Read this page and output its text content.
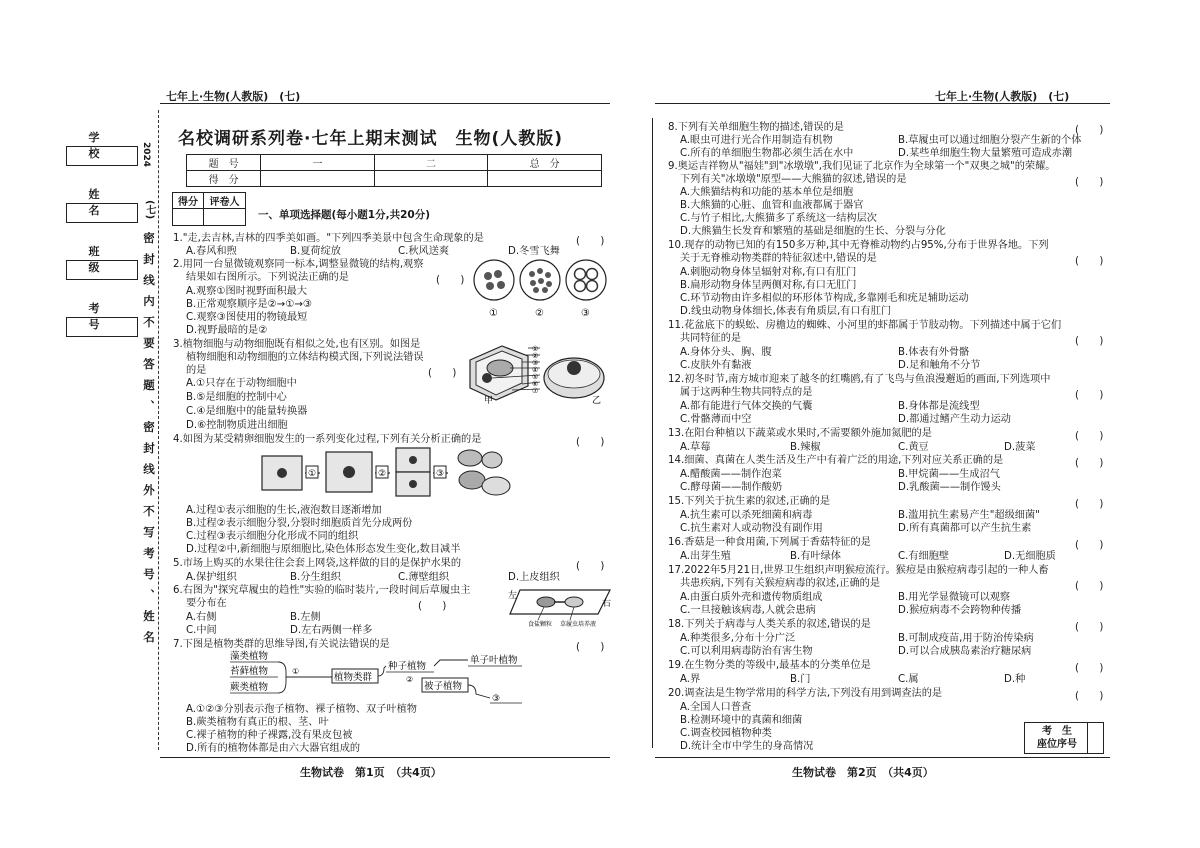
七年上·生物(人教版)　(七)	七年上·生物(人教版)　(七)
学　校
姓　名
班　级
考　号
2024
(七)
密封线内不要答题、密封线外不写考号、姓名
名校调研系列卷·七年上期末测试　生物(人教版)
题　号	一	二	总　分
得　分			
得分	评卷人

一、单项选择题(每小题1分,共20分)
1."走,去吉林,吉林的四季美如画。"下列四季美景中包含生命现象的是	(　　)
A.春风和煦	B.夏荷绽放	C.秋风送爽	D.冬雪飞舞
2.用同一台显微镜观察同一标本,调整显微镜的结构,观察
结果如右图所示。下列说法正确的是	(　　)
A.观察①图时视野面积最大
B.正常观察顺序是②→①→③
C.观察③图使用的物镜最短
D.视野最暗的是②
①	②	③
3.植物细胞与动物细胞既有相似之处,也有区别。如图是
植物细胞和动物细胞的立体结构模式图,下列说法错误
的是	(　　)
A.①只存在于动物细胞中
B.⑤是细胞的控制中心
C.④是细胞中的能量转换器
D.⑥控制物质进出细胞
①
②
③
④
⑤
⑥
⑦
甲	乙
4.如图为某受精卵细胞发生的一系列变化过程,下列有关分析正确的是	(　　)
①	②	③
A.过程①表示细胞的生长,液泡数目逐渐增加
B.过程②表示细胞分裂,分裂时细胞质首先分成两份
C.过程③表示细胞分化形成不同的组织
D.过程②中,新细胞与原细胞比,染色体形态发生变化,数目减半
5.市场上购买的水果往往会套上网袋,这样做的目的是保护水果的	(　　)
A.保护组织	B.分生组织	C.薄壁组织	D.上皮组织
6.右图为"探究草履虫的趋性"实验的临时装片,一段时间后草履虫主
要分布在	(　　)
A.右侧	B.左侧
C.中间	D.左右两侧一样多
左
右
食盐颗粒 草履虫培养液
7.下图是植物类群的思维导图,有关说法错误的是	(　　)
藻类植物
苔藓植物
蕨类植物
①
植物类群
种子植物
②
单子叶植物
被子植物
③
A.①②③分别表示孢子植物、裸子植物、双子叶植物
B.蕨类植物有真正的根、茎、叶
C.裸子植物的种子裸露,没有果皮包被
D.所有的植物体都是由六大器官组成的
生物试卷　第1页　（共4页）
8.下列有关单细胞生物的描述,错误的是	(　　)
A.眼虫可进行光合作用制造有机物	B.草履虫可以通过细胞分裂产生新的个体
C.所有的单细胞生物都必须生活在水中	D.某些单细胞生物大量繁殖可造成赤潮
9.奥运吉祥物从"福娃"到"冰墩墩",我们见证了北京作为全球第一个"双奥之城"的荣耀。
下列有关"冰墩墩"原型——大熊猫的叙述,错误的是	(　　)
A.大熊猫结构和功能的基本单位是细胞
B.大熊猫的心脏、血管和血液都属于器官
C.与竹子相比,大熊猫多了系统这一结构层次
D.大熊猫生长发育和繁殖的基础是细胞的生长、分裂与分化
10.现存的动物已知的有150多万种,其中无脊椎动物约占95%,分布于世界各地。下列
关于无脊椎动物类群的特征叙述中,错误的是	(　　)
A.刺胞动物身体呈辐射对称,有口有肛门
B.扁形动物身体呈两侧对称,有口无肛门
C.环节动物由许多相似的环形体节构成,多靠刚毛和疣足辅助运动
D.线虫动物身体细长,体表有角质层,有口有肛门
11.花盆底下的蜈蚣、房檐边的蜘蛛、小河里的虾都属于节肢动物。下列描述中属于它们
共同特征的是	(　　)
A.身体分头、胸、腹	B.体表有外骨骼
C.皮肤外有黏液	D.足和触角不分节
12.初冬时节,南方城市迎来了越冬的红嘴鸥,有了飞鸟与鱼浪漫邂逅的画面,下列选项中
属于这两种生物共同特点的是	(　　)
A.都有能进行气体交换的气囊	B.身体都是流线型
C.骨骼薄而中空	D.都通过鳍产生动力运动
13.在阳台种植以下蔬菜或水果时,不需要额外施加氮肥的是	(　　)
A.草莓	B.辣椒	C.黄豆	D.菠菜
14.细菌、真菌在人类生活及生产中有着广泛的用途,下列对应关系正确的是	(　　)
A.醋酸菌——制作泡菜	B.甲烷菌——生成沼气
C.酵母菌——制作酸奶	D.乳酸菌——制作馒头
15.下列关于抗生素的叙述,正确的是	(　　)
A.抗生素可以杀死细菌和病毒	B.滥用抗生素易产生"超级细菌"
C.抗生素对人或动物没有副作用	D.所有真菌都可以产生抗生素
16.香菇是一种食用菌,下列属于香菇特征的是	(　　)
A.出芽生殖	B.有叶绿体	C.有细胞壁	D.无细胞质
17.2022年5月21日,世界卫生组织声明猴痘流行。猴痘是由猴痘病毒引起的一种人畜
共患疾病,下列有关猴痘病毒的叙述,正确的是	(　　)
A.由蛋白质外壳和遗传物质组成	B.用光学显微镜可以观察
C.一旦接触该病毒,人就会患病	D.猴痘病毒不会跨物种传播
18.下列关于病毒与人类关系的叙述,错误的是	(　　)
A.种类很多,分布十分广泛	B.可制成疫苗,用于防治传染病
C.可以利用病毒防治有害生物	D.可以合成胰岛素治疗糖尿病
19.在生物分类的等级中,最基本的分类单位是	(　　)
A.界	B.门	C.属	D.种
20.调查法是生物学常用的科学方法,下列没有用到调查法的是	(　　)
A.全国人口普查
B.检测环境中的真菌和细菌
C.调查校园植物种类
D.统计全市中学生的身高情况
考　生
座位序号
生物试卷　第2页　（共4页）
